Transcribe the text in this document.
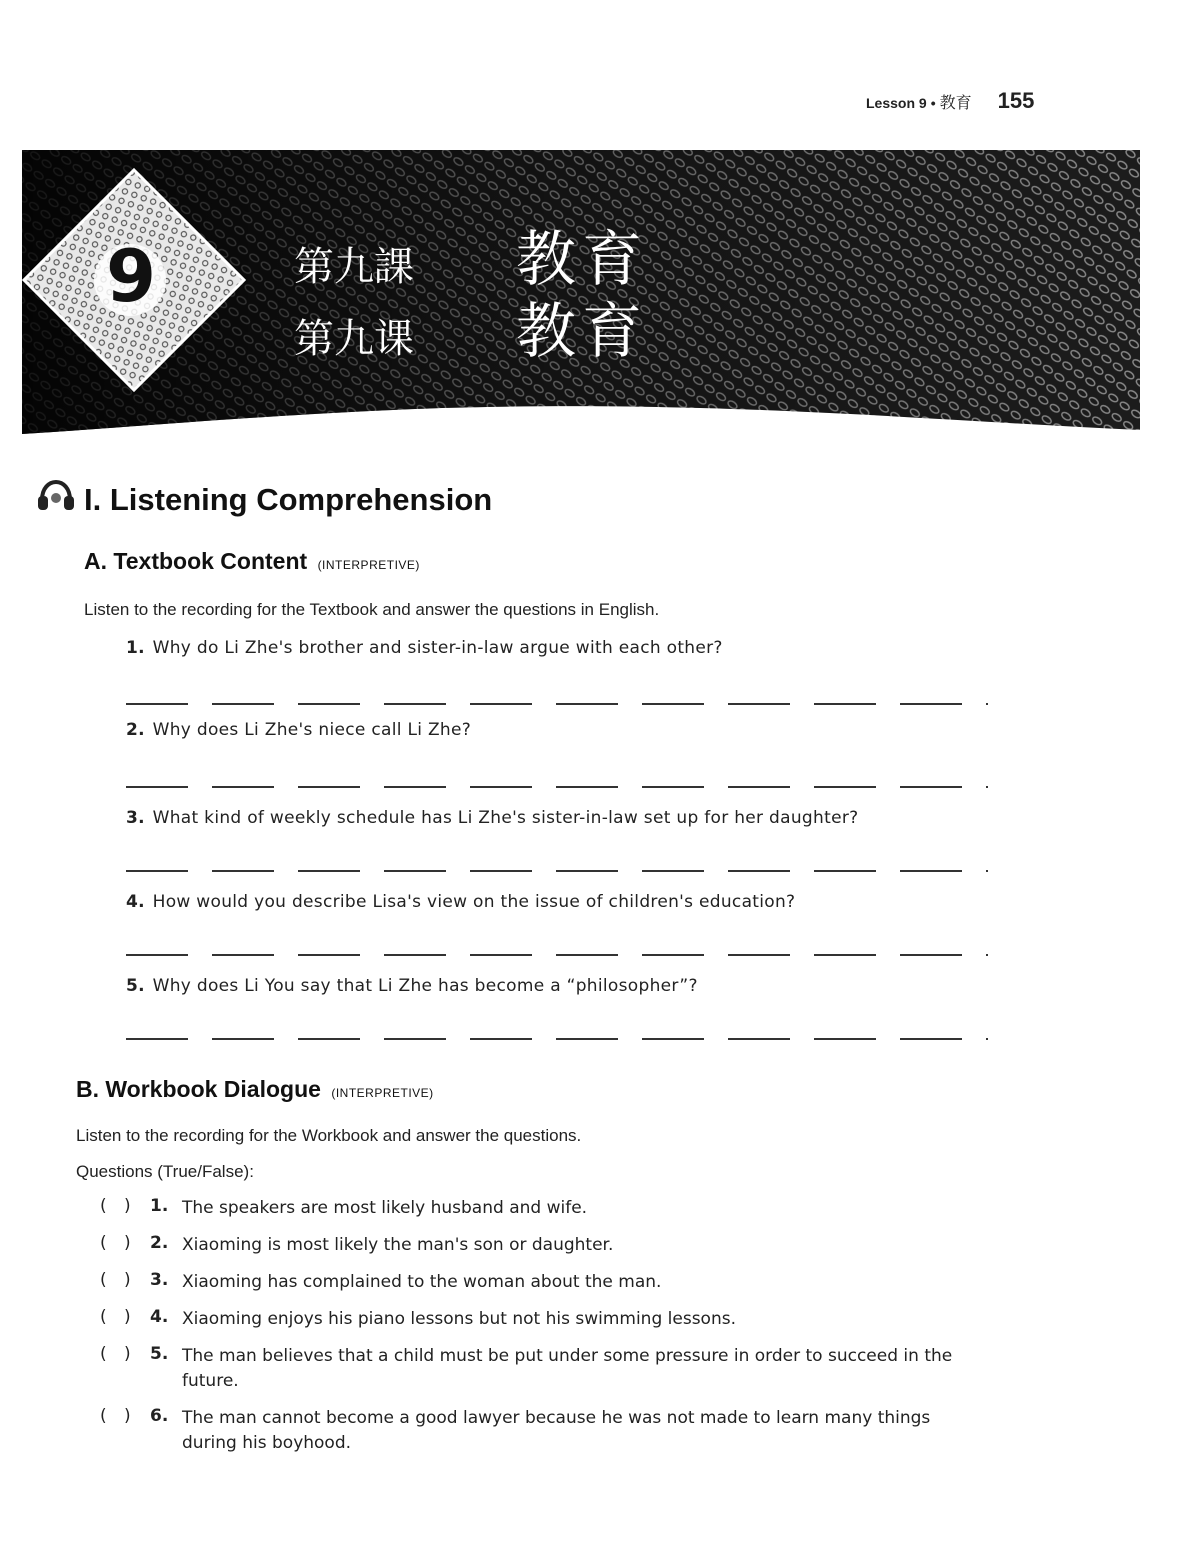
Lesson 9 • 教育 155
9	第九課	教育
第九课	教育
I. Listening Comprehension
A. Textbook Content (INTERPRETIVE)
Listen to the recording for the Textbook and answer the questions in English.
1. Why do Li Zhe's brother and sister-in-law argue with each other?
2. Why does Li Zhe's niece call Li Zhe?
3. What kind of weekly schedule has Li Zhe's sister-in-law set up for her daughter?
4. How would you describe Lisa's view on the issue of children's education?
5. Why does Li You say that Li Zhe has become a “philosopher”?
B. Workbook Dialogue (INTERPRETIVE)
Listen to the recording for the Workbook and answer the questions.
Questions (True/False):
( ) 1. The speakers are most likely husband and wife.
( ) 2. Xiaoming is most likely the man's son or daughter.
( ) 3. Xiaoming has complained to the woman about the man.
( ) 4. Xiaoming enjoys his piano lessons but not his swimming lessons.
( ) 5. The man believes that a child must be put under some pressure in order to succeed in the future.
( ) 6. The man cannot become a good lawyer because he was not made to learn many things during his boyhood.
